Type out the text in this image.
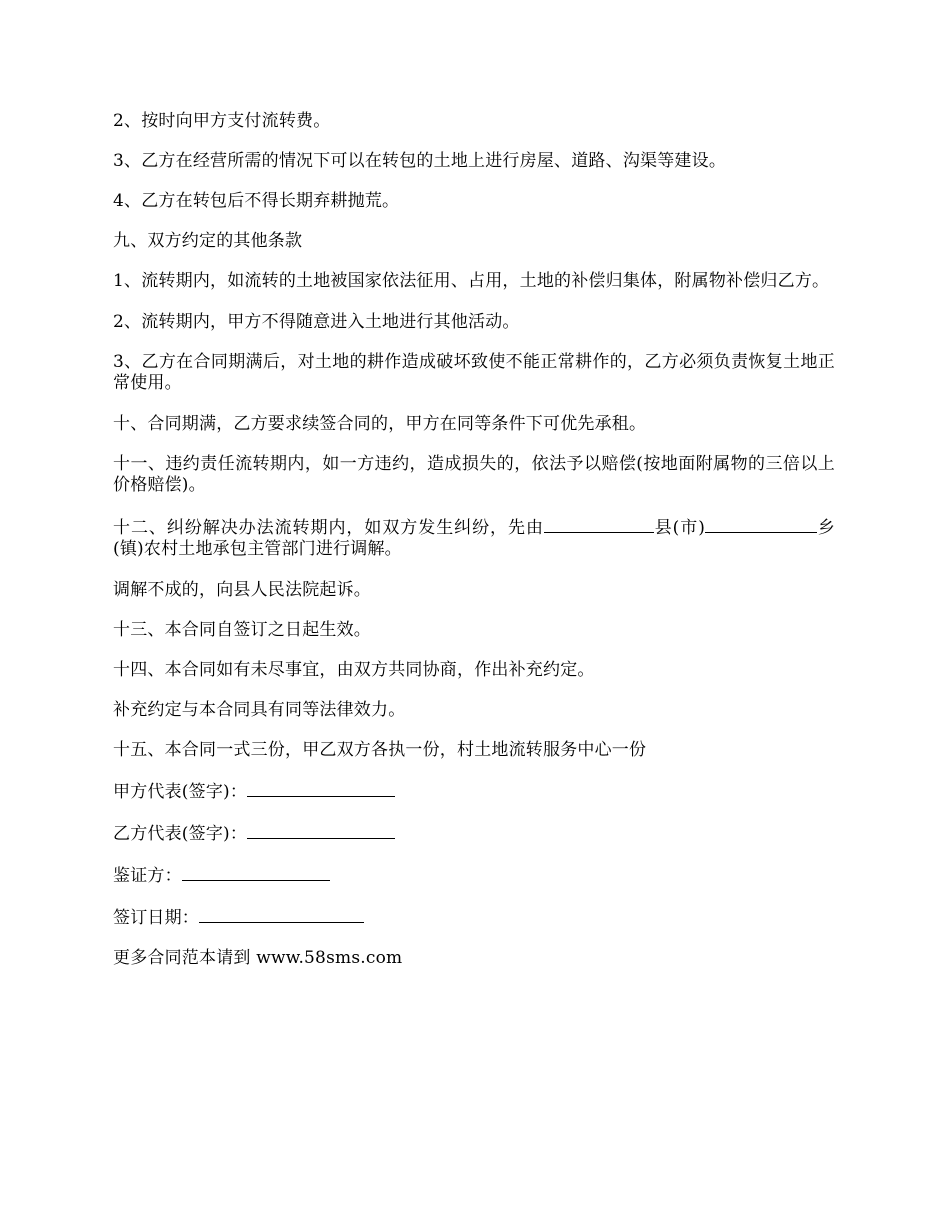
2、按时向甲方支付流转费。

3、乙方在经营所需的情况下可以在转包的土地上进行房屋、道路、沟渠等建设。

4、乙方在转包后不得长期弃耕抛荒。

九、双方约定的其他条款

1、流转期内，如流转的土地被国家依法征用、占用，土地的补偿归集体，附属物补偿归乙方。

2、流转期内，甲方不得随意进入土地进行其他活动。

3、乙方在合同期满后，对土地的耕作造成破坏致使不能正常耕作的，乙方必须负责恢复土地正常使用。

十、合同期满，乙方要求续签合同的，甲方在同等条件下可优先承租。

十一、违约责任流转期内，如一方违约，造成损失的，依法予以赔偿(按地面附属物的三倍以上价格赔偿)。

十二、纠纷解决办法流转期内，如双方发生纠纷，先由	县(市)	乡(镇)农村土地承包主管部门进行调解。

调解不成的，向县人民法院起诉。

十三、本合同自签订之日起生效。

十四、本合同如有未尽事宜，由双方共同协商，作出补充约定。

补充约定与本合同具有同等法律效力。

十五、本合同一式三份，甲乙双方各执一份，村土地流转服务中心一份

甲方代表(签字)：

乙方代表(签字)：

鉴证方：

签订日期：

更多合同范本请到 www.58sms.com
